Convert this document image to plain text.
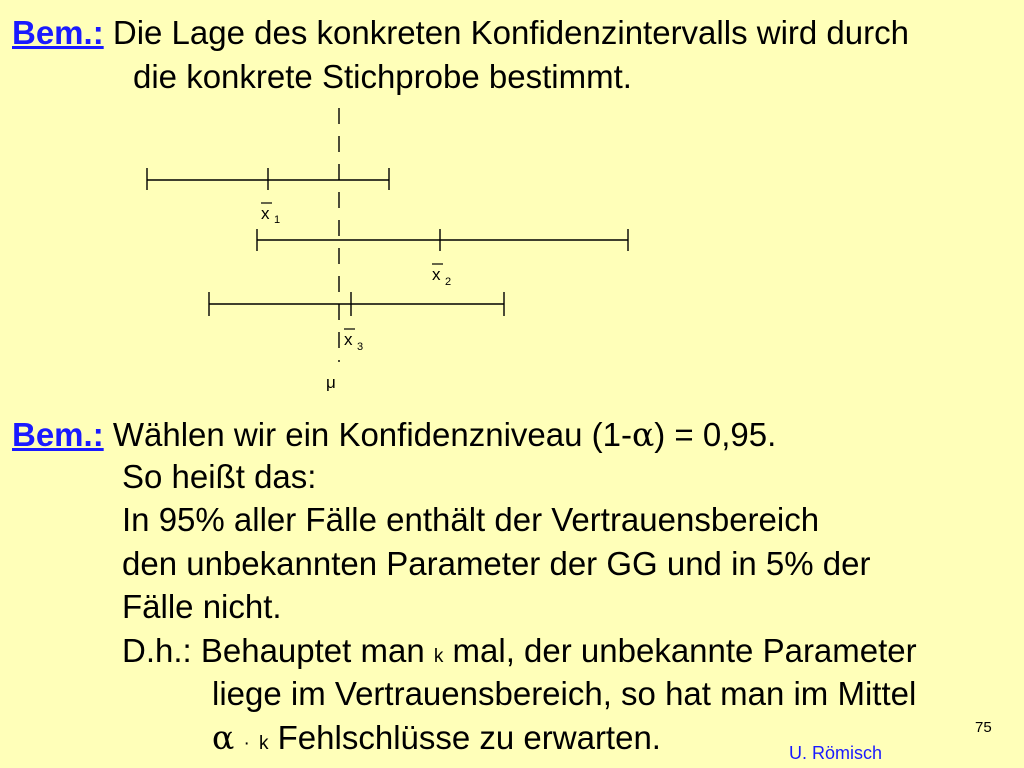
Bem.: Die Lage des konkreten Konfidenzintervalls wird durch
die konkrete Stichprobe bestimmt.
x 1
x 2
x 3
μ
Bem.: Wählen wir ein Konfidenzniveau (1-α) = 0,95.
So heißt das:
In 95% aller Fälle enthält der Vertrauensbereich
den unbekannten Parameter der GG und in 5% der
Fälle nicht.
D.h.: Behauptet man k mal, der unbekannte Parameter
liege im Vertrauensbereich, so hat man im Mittel
α · k Fehlschlüsse zu erwarten.	75
U. Römisch
